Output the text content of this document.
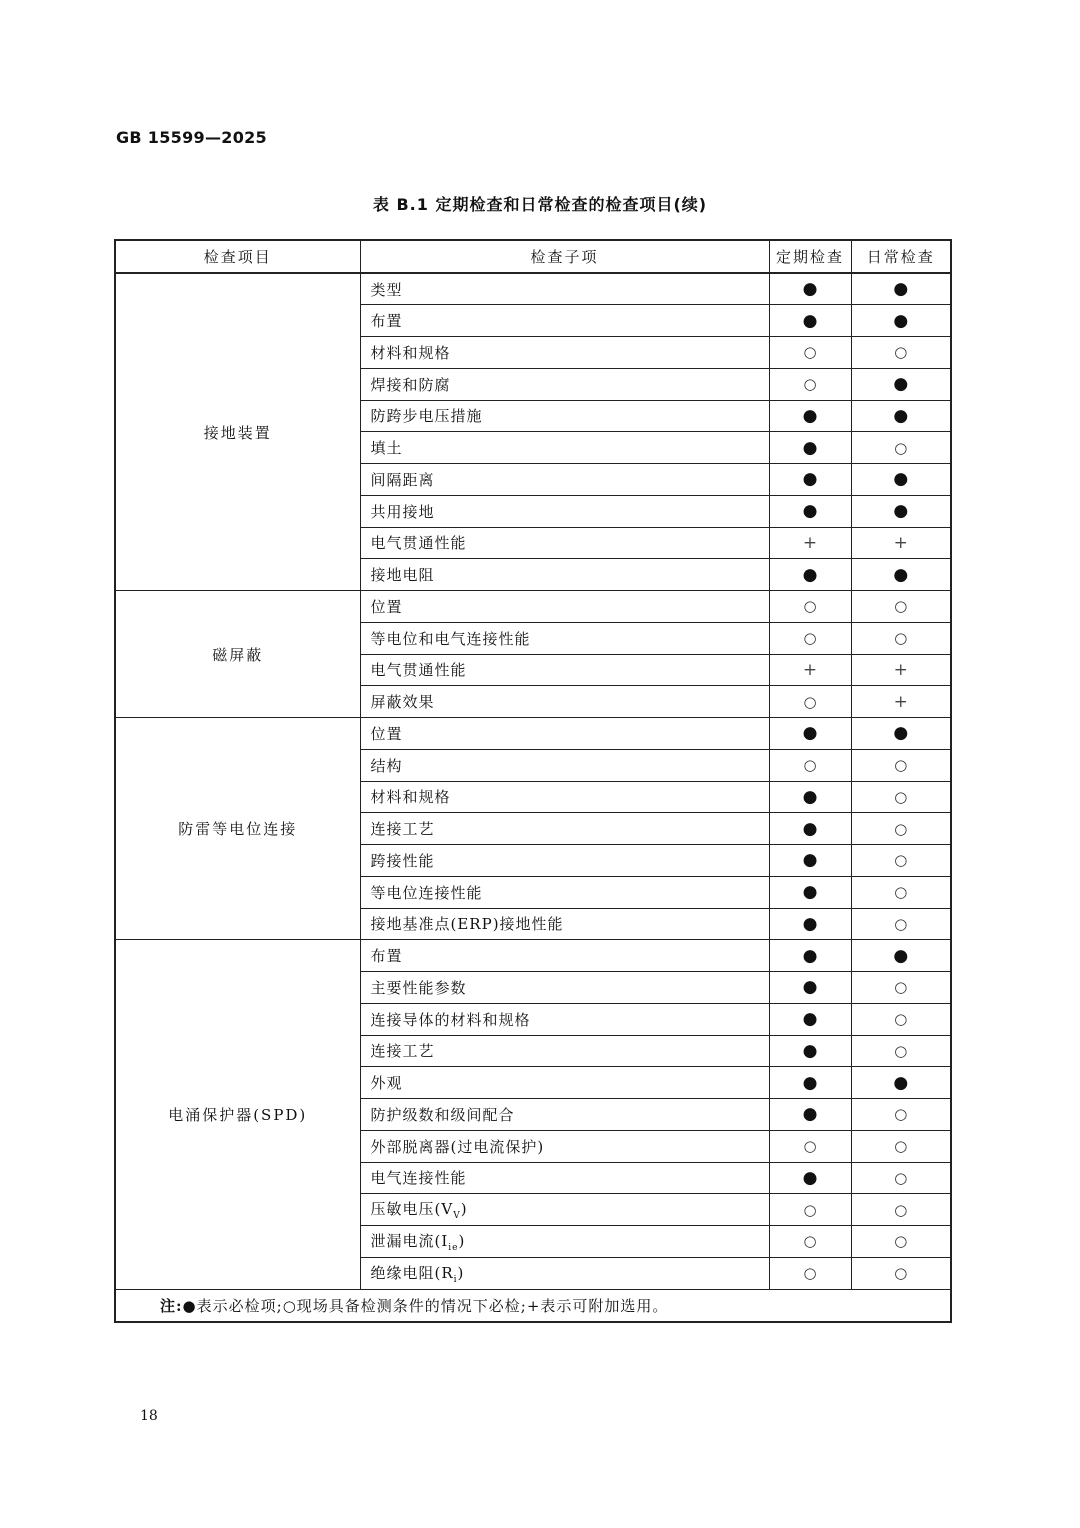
GB 15599—2025
表 B.1 定期检查和日常检查的检查项目(续)
检查项目	检查子项	定期检查	日常检查
接地装置	类型	●	●
	布置	●	●
	材料和规格	○	○
	焊接和防腐	○	●
	防跨步电压措施	●	●
	填土	●	○
	间隔距离	●	●
	共用接地	●	●
	电气贯通性能	+	+
	接地电阻	●	●
磁屏蔽	位置	○	○
	等电位和电气连接性能	○	○
	电气贯通性能	+	+
	屏蔽效果	○	+
防雷等电位连接	位置	●	●
	结构	○	○
	材料和规格	●	○
	连接工艺	●	○
	跨接性能	●	○
	等电位连接性能	●	○
	接地基准点(ERP)接地性能	●	○
电涌保护器(SPD)	布置	●	●
	主要性能参数	●	○
	连接导体的材料和规格	●	○
	连接工艺	●	○
	外观	●	●
	防护级数和级间配合	●	○
	外部脱离器(过电流保护)	○	○
	电气连接性能	●	○
	压敏电压$(V_V)$	○	○
	泄漏电流$(I_{ie})$	○	○
	绝缘电阻$(R_i)$	○	○
注:●表示必检项;○现场具备检测条件的情况下必检;+表示可附加选用。			
18
